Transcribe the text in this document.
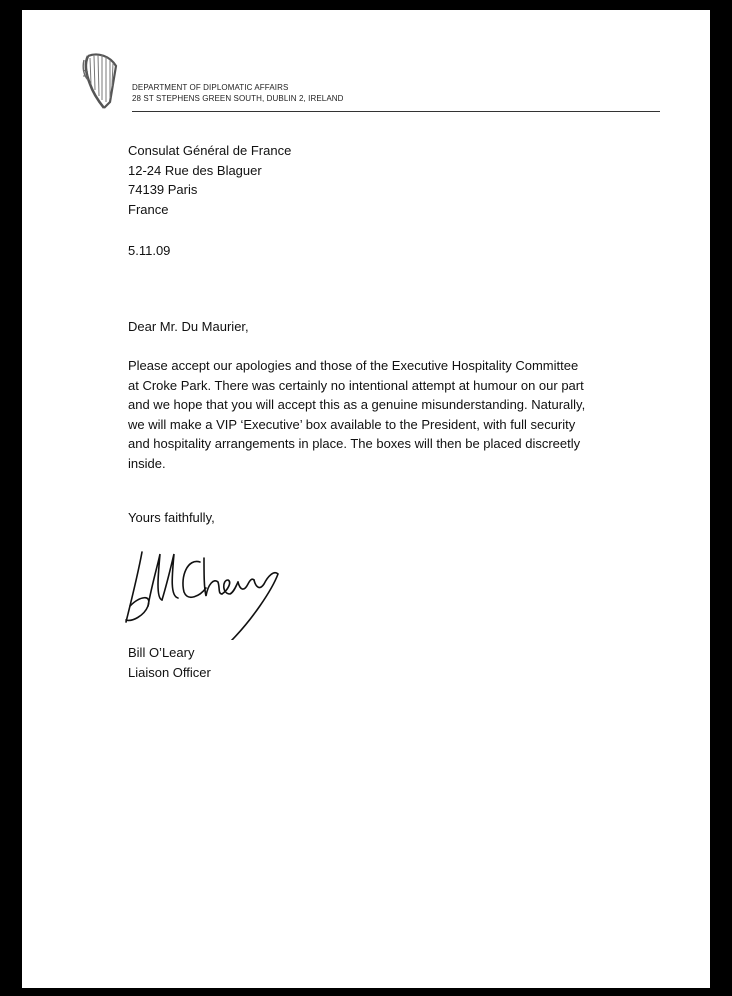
DEPARTMENT OF DIPLOMATIC AFFAIRS
28 ST STEPHENS GREEN SOUTH, DUBLIN 2, IRELAND
Consulat Général de France
12-24 Rue des Blaguer
74139 Paris
France
5.11.09
Dear Mr. Du Maurier,
Please accept our apologies and those of the Executive Hospitality Committee
at Croke Park. There was certainly no intentional attempt at humour on our part
and we hope that you will accept this as a genuine misunderstanding. Naturally,
we will make a VIP ‘Executive’ box available to the President, with full security
and hospitality arrangements in place. The boxes will then be placed discreetly
inside.
Yours faithfully,
Bill O’Leary
Liaison Officer
